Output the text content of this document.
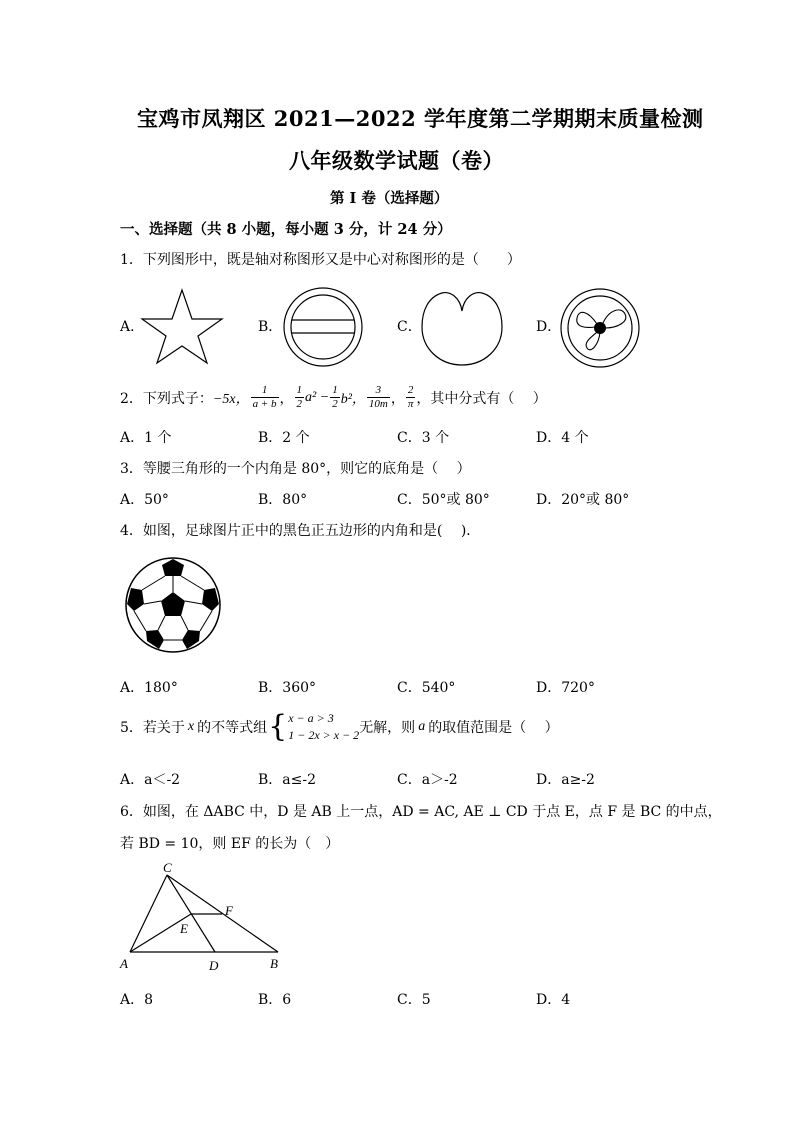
宝鸡市凤翔区 2021—2022 学年度第二学期期末质量检测
八年级数学试题（卷）
第 I 卷（选择题）
一、选择题（共 8 小题，每小题 3 分，计 24 分）
1．下列图形中，既是轴对称图形又是中心对称图形的是（　　）
A．	B．	C．	D．
2．下列式子： −5x， $\frac{1}{a + b}$ ， $\frac{1}{2} a^2 - \frac{1}{2} b^2$， $\frac{3}{10m}$ ， $\frac{2}{\pi}$ ，其中分式有（　 ）
A．1 个	B．2 个	C．3 个	D．4 个
3．等腰三角形的一个内角是 80°，则它的底角是（　 ）
A．50°	B．80°	C．50°或 80°	D．20°或 80°
4．如图，足球图片正中的黑色正五边形的内角和是(　 )．
A．180°	B．360°	C．540°	D．720°
5．若关于 x 的不等式组 { x − a > 3
1 − 2x > x − 2 无解，则 a 的取值范围是（　 ）
A．a＜-2	B．a≤-2	C．a＞-2	D．a≥-2
6．如图，在 ΔABC 中，D 是 AB 上一点，AD = AC, AE ⊥ CD 于点 E，点 F 是 BC 的中点，
若 BD = 10，则 EF 的长为（　）
C
F
E
A	D	B
A．8	B．6	C．5	D．4
